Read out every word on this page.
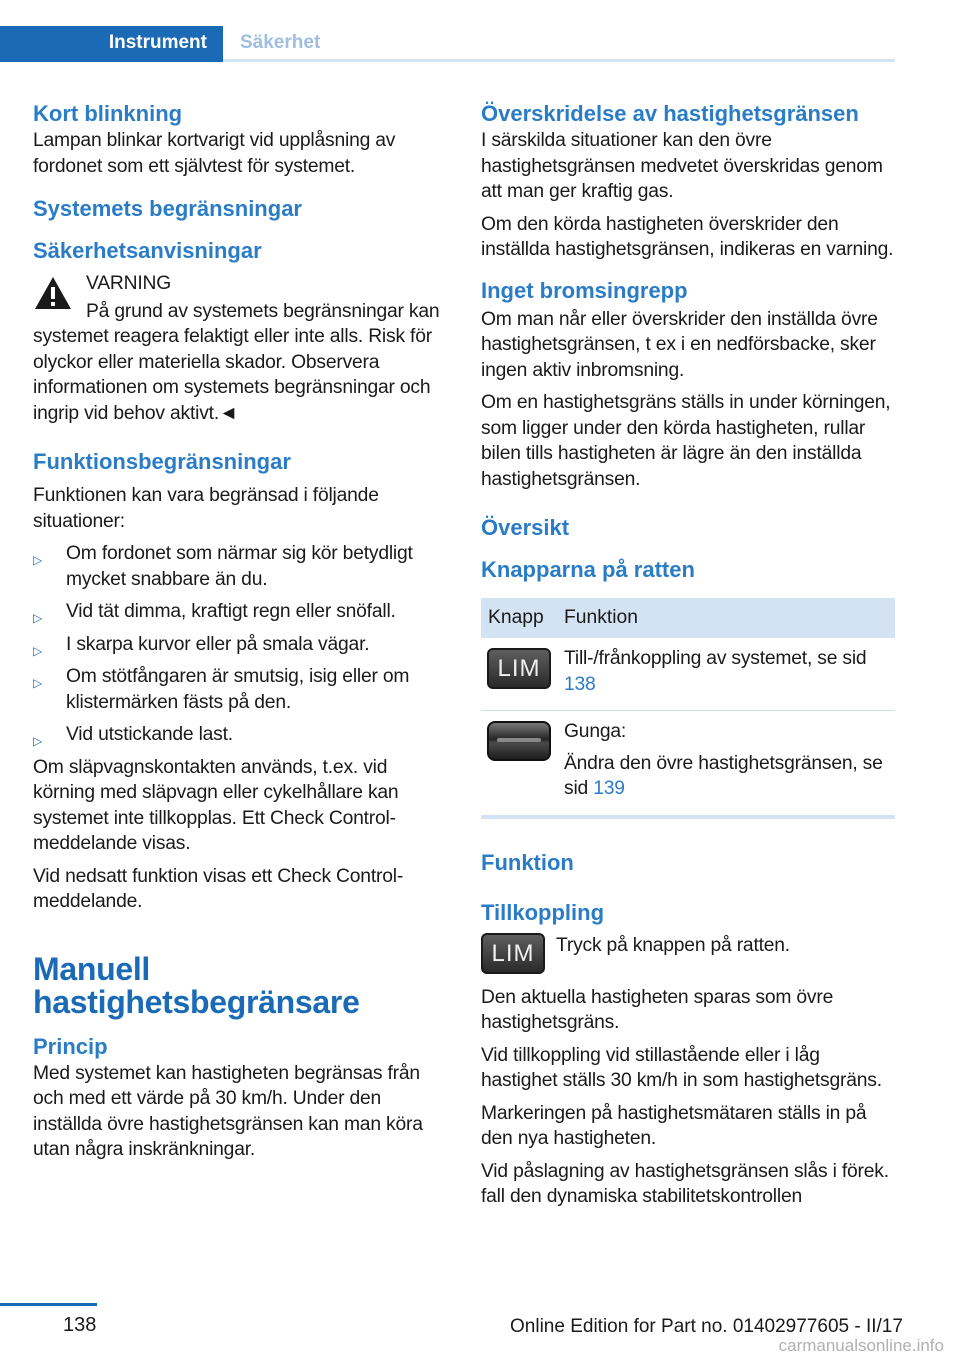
Instrument	Säkerhet
Kort blinkning

Lampan blinkar kortvarigt vid upplåsning av fordonet som ett självtest för systemet.

Systemets begränsningar
Säkerhetsanvisningar

VARNING

På grund av systemets begränsningar kan systemet reagera felaktigt eller inte alls. Risk för olyckor eller materiella skador. Observera informationen om systemets begränsningar och ingrip vid behov aktivt.◄

Funktionsbegränsningar

Funktionen kan vara begränsad i följande situationer:

▷ Om fordonet som närmar sig kör betydligt mycket snabbare än du.
▷ Vid tät dimma, kraftigt regn eller snöfall.
▷ I skarpa kurvor eller på smala vägar.
▷ Om stötfångaren är smutsig, isig eller om klistermärken fästs på den.
▷ Vid utstickande last.

Om släpvagnskontakten används, t.ex. vid körning med släpvagn eller cykelhållare kan systemet inte tillkopplas. Ett Check Control-meddelande visas.

Vid nedsatt funktion visas ett Check Control-meddelande.

Manuell
hastighetsbegränsare
Princip

Med systemet kan hastigheten begränsas från och med ett värde på 30 km/h. Under den inställda övre hastighetsgränsen kan man köra utan några inskränkningar.

Överskridelse av hastighetsgränsen

I särskilda situationer kan den övre hastighetsgränsen medvetet överskridas genom att man ger kraftig gas.

Om den körda hastigheten överskrider den inställda hastighetsgränsen, indikeras en varning.

Inget bromsingrepp

Om man når eller överskrider den inställda övre hastighetsgränsen, t ex i en nedförsbacke, sker ingen aktiv inbromsning.

Om en hastighetsgräns ställs in under körningen, som ligger under den körda hastigheten, rullar bilen tills hastigheten är lägre än den inställda hastighetsgränsen.

Översikt
Knapparna på ratten
Knapp	Funktion
LIM	Till-/frånkoppling av systemet, se sid 138

Gunga:

Ändra den övre hastighetsgränsen, se sid 139

Funktion
Tillkoppling
LIM	Tryck på knappen på ratten.

Den aktuella hastigheten sparas som övre hastighetsgräns.

Vid tillkoppling vid stillastående eller i låg hastighet ställs 30 km/h in som hastighetsgräns.

Markeringen på hastighetsmätaren ställs in på den nya hastigheten.

Vid påslagning av hastighetsgränsen slås i förek. fall den dynamiska stabilitetskontrollen

138	Online Edition for Part no. 01402977605 - II/17
carmanualsonline.info
